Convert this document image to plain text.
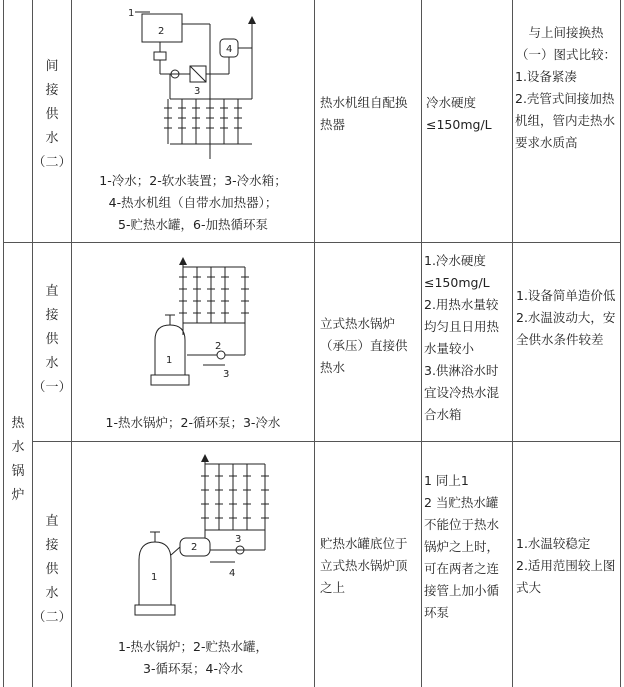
间
接
供
水
（二）
1
2
3
4
1-冷水；2-软水装置；3-冷水箱；
4-热水机组（自带水加热器）；
5-贮热水罐，6-加热循环泵
热水机组自配换热器
冷水硬度≤150mg/L
与上间接换热（一）图式比较：
1.设备紧凑
2.壳管式间接加热机组，管内走热水要求水质高
热
水
锅
炉
直
接
供
水
（一）
1
2
3
1-热水锅炉；2-循环泵；3-冷水
立式热水锅炉（承压）直接供热水
1.冷水硬度≤150mg/L
2.用热水量较均匀且日用热水量较小
3.供淋浴水时宜设冷热水混合水箱
1.设备简单造价低
2.水温波动大，安全供水条件较差
直
接
供
水
（二）
1
2
3
4
1-热水锅炉；2-贮热水罐，
3-循环泵；4-冷水
贮热水罐底位于立式热水锅炉顶之上
1 同上1
2 当贮热水罐不能位于热水锅炉之上时，可在两者之连接管上加小循环泵
1.水温较稳定
2.适用范围较上图式大
